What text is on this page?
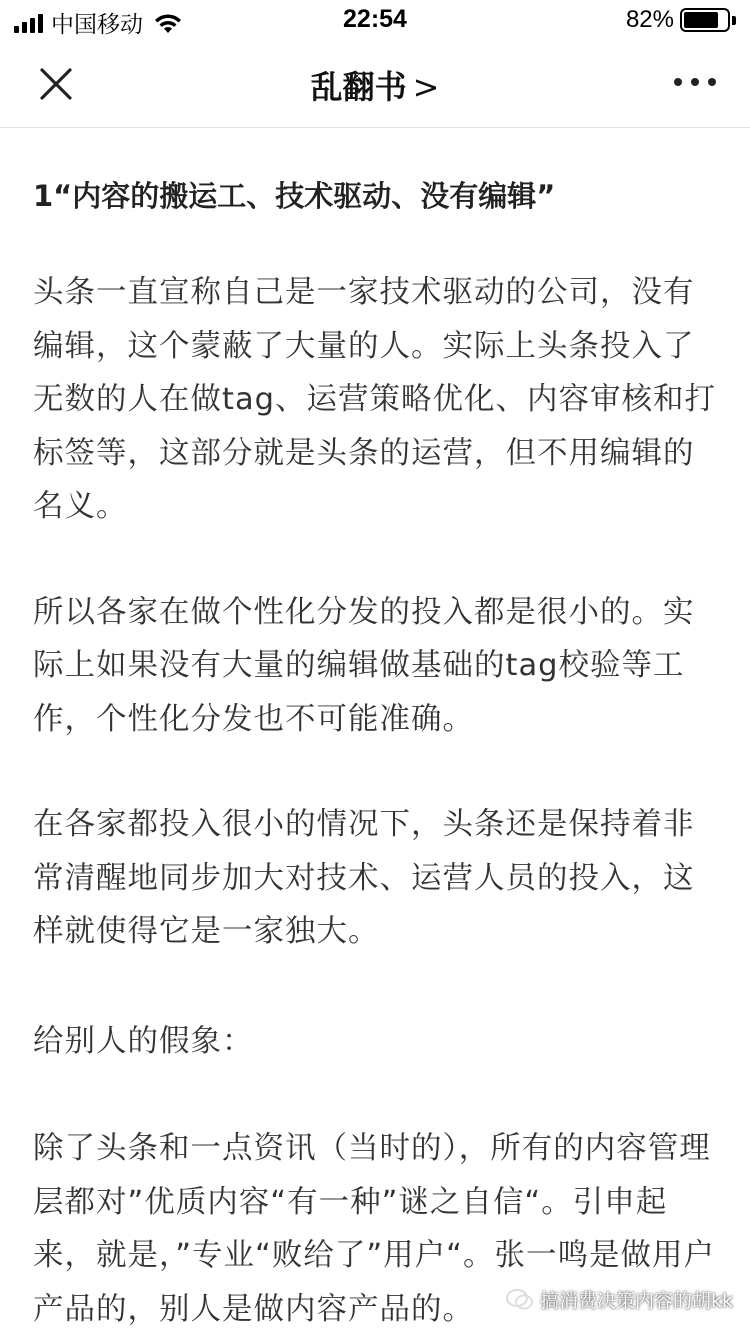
中国移动	22:54	82%
乱翻书 >
1“内容的搬运工、技术驱动、没有编辑”

头条一直宣称自己是一家技术驱动的公司，没有编辑，这个蒙蔽了大量的人。实际上头条投入了无数的人在做tag、运营策略优化、内容审核和打标签等，这部分就是头条的运营，但不用编辑的名义。

所以各家在做个性化分发的投入都是很小的。实际上如果没有大量的编辑做基础的tag校验等工作，个性化分发也不可能准确。

在各家都投入很小的情况下，头条还是保持着非常清醒地同步加大对技术、运营人员的投入，这样就使得它是一家独大。

给别人的假象：

除了头条和一点资讯（当时的），所有的内容管理层都对”优质内容“有一种”谜之自信“。引申起来，就是，”专业“败给了”用户“。张一鸣是做用户产品的，别人是做内容产品的。	搞消费决策内容的胡kk
